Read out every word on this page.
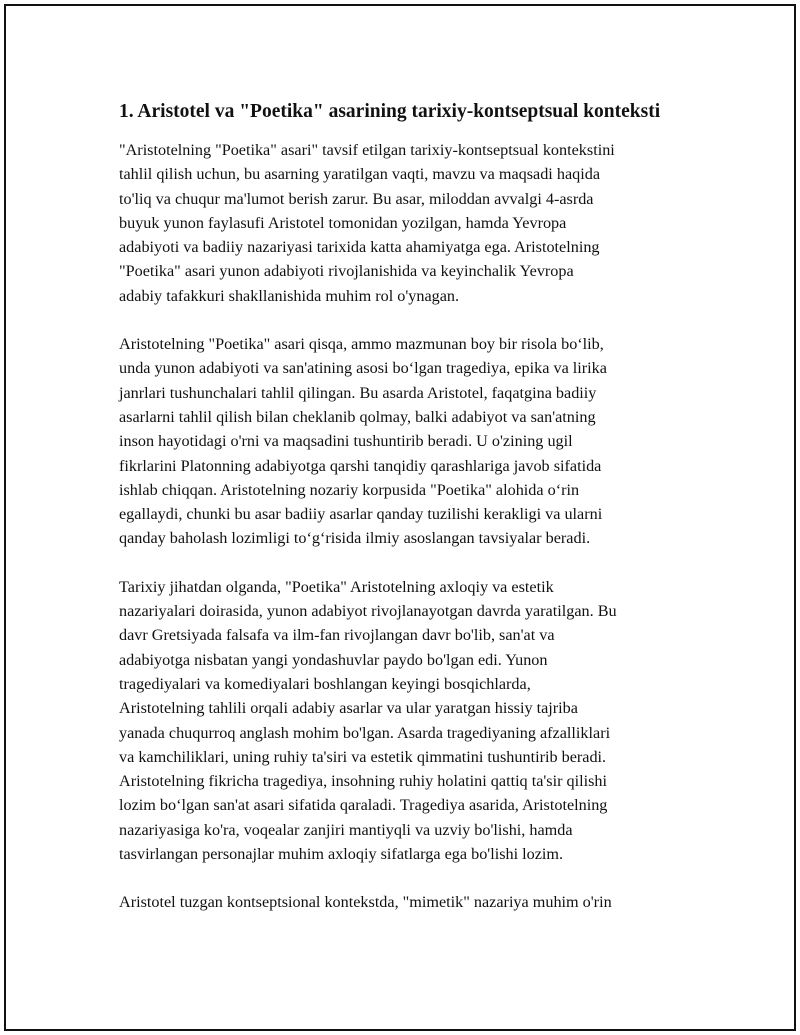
1. Aristotel va "Poetika" asarining tarixiy-kontseptsual konteksti
"Aristotelning "Poetika" asari" tavsif etilgan tarixiy-kontseptsual kontekstini
tahlil qilish uchun, bu asarning yaratilgan vaqti, mavzu va maqsadi haqida
to'liq va chuqur ma'lumot berish zarur. Bu asar, miloddan avvalgi 4-asrda
buyuk yunon faylasufi Aristotel tomonidan yozilgan, hamda Yevropa
adabiyoti va badiiy nazariyasi tarixida katta ahamiyatga ega. Aristotelning
"Poetika" asari yunon adabiyoti rivojlanishida va keyinchalik Yevropa
adabiy tafakkuri shakllanishida muhim rol o'ynagan.
Aristotelning "Poetika" asari qisqa, ammo mazmunan boy bir risola bo‘lib,
unda yunon adabiyoti va san'atining asosi bo‘lgan tragediya, epika va lirika
janrlari tushunchalari tahlil qilingan. Bu asarda Aristotel, faqatgina badiiy
asarlarni tahlil qilish bilan cheklanib qolmay, balki adabiyot va san'atning
inson hayotidagi o'rni va maqsadini tushuntirib beradi. U o'zining ugil
fikrlarini Platonning adabiyotga qarshi tanqidiy qarashlariga javob sifatida
ishlab chiqqan. Aristotelning nozariy korpusida "Poetika" alohida o‘rin
egallaydi, chunki bu asar badiiy asarlar qanday tuzilishi kerakligi va ularni
qanday baholash lozimligi to‘g‘risida ilmiy asoslangan tavsiyalar beradi.
Tarixiy jihatdan olganda, "Poetika" Aristotelning axloqiy va estetik
nazariyalari doirasida, yunon adabiyot rivojlanayotgan davrda yaratilgan. Bu
davr Gretsiyada falsafa va ilm-fan rivojlangan davr bo'lib, san'at va
adabiyotga nisbatan yangi yondashuvlar paydo bo'lgan edi. Yunon
tragediyalari va komediyalari boshlangan keyingi bosqichlarda,
Aristotelning tahlili orqali adabiy asarlar va ular yaratgan hissiy tajriba
yanada chuqurroq anglash mohim bo'lgan. Asarda tragediyaning afzalliklari
va kamchiliklari, uning ruhiy ta'siri va estetik qimmatini tushuntirib beradi.
Aristotelning fikricha tragediya, insohning ruhiy holatini qattiq ta'sir qilishi
lozim bo‘lgan san'at asari sifatida qaraladi. Tragediya asarida, Aristotelning
nazariyasiga ko'ra, voqealar zanjiri mantiyqli va uzviy bo'lishi, hamda
tasvirlangan personajlar muhim axloqiy sifatlarga ega bo'lishi lozim.
Aristotel tuzgan kontseptsional kontekstda, "mimetik" nazariya muhim o'rin
